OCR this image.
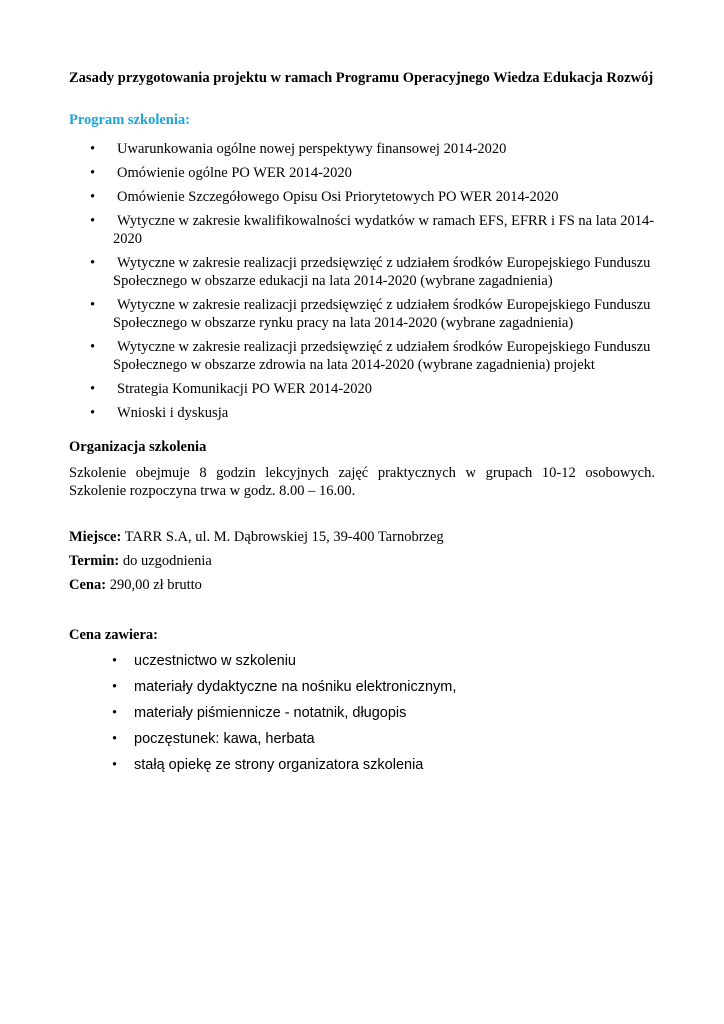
Zasady przygotowania projektu w ramach Programu Operacyjnego Wiedza Edukacja Rozwój
Program szkolenia:
• Uwarunkowania ogólne nowej perspektywy finansowej 2014-2020
• Omówienie ogólne PO WER 2014-2020
• Omówienie Szczegółowego Opisu Osi Priorytetowych PO WER 2014-2020
• Wytyczne w zakresie kwalifikowalności wydatków w ramach EFS, EFRR i FS na lata 2014-2020
• Wytyczne w zakresie realizacji przedsięwzięć z udziałem środków Europejskiego Funduszu Społecznego w obszarze edukacji na lata 2014-2020 (wybrane zagadnienia)
• Wytyczne w zakresie realizacji przedsięwzięć z udziałem środków Europejskiego Funduszu Społecznego w obszarze rynku pracy na lata 2014-2020 (wybrane zagadnienia)
• Wytyczne w zakresie realizacji przedsięwzięć z udziałem środków Europejskiego Funduszu Społecznego w obszarze zdrowia na lata 2014-2020 (wybrane zagadnienia) projekt
• Strategia Komunikacji PO WER 2014-2020
• Wnioski i dyskusja
Organizacja szkolenia
Szkolenie obejmuje 8 godzin lekcyjnych zajęć praktycznych w grupach 10-12 osobowych. Szkolenie rozpoczyna trwa w godz. 8.00 – 16.00.
Miejsce: TARR S.A, ul. M. Dąbrowskiej 15, 39-400 Tarnobrzeg
Termin: do uzgodnienia
Cena: 290,00 zł brutto
Cena zawiera:
• uczestnictwo w szkoleniu
• materiały dydaktyczne na nośniku elektronicznym,
• materiały piśmiennicze - notatnik, długopis
• poczęstunek: kawa, herbata
• stałą opiekę ze strony organizatora szkolenia
